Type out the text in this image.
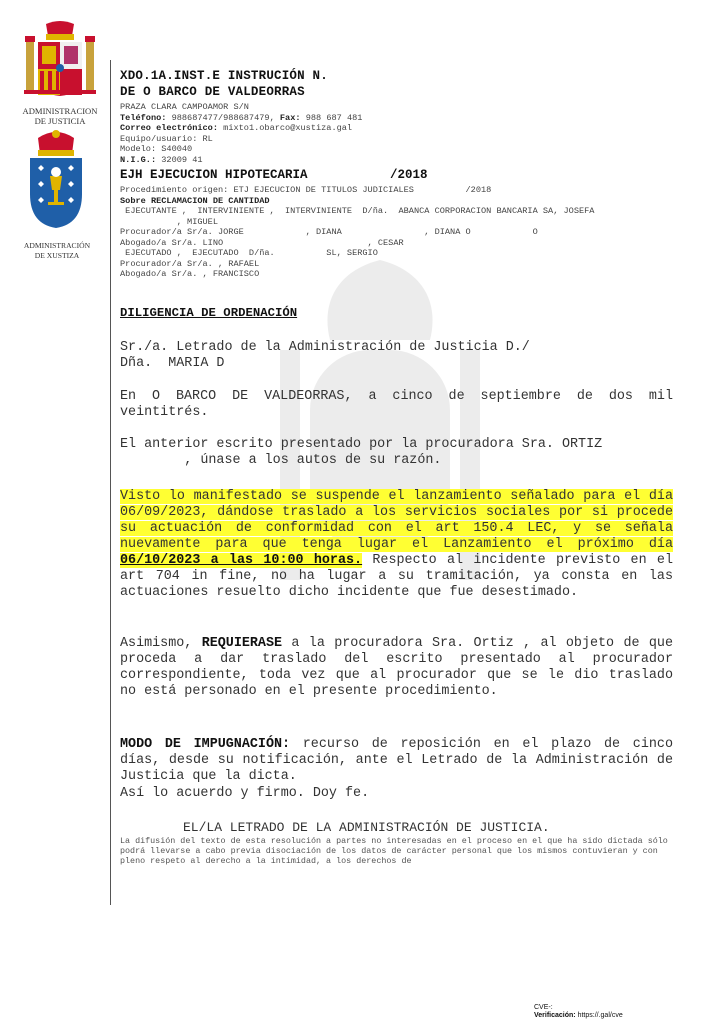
ADMINISTRACION
DE JUSTICIA
ADMINISTRACIÓN
DE XUSTIZA
XDO.1A.INST.E INSTRUCIÓN N.
DE O BARCO DE VALDEORRAS
PRAZA CLARA CAMPOAMOR S/N
Teléfono: 988687477/988687479, Fax: 988 687 481
Correo electrónico: mixto1.obarco@xustiza.gal
Equipo/usuario: RL
Modelo: S40040
N.I.G.: 32009 41
EJH EJECUCION HIPOTECARIA           /2018
Procedimiento origen: ETJ EJECUCION DE TITULOS JUDICIALES          /2018
Sobre RECLAMACION DE CANTIDAD
EJECUTANTE ,  INTERVINIENTE ,  INTERVINIENTE  D/ña.  ABANCA CORPORACION BANCARIA SA, JOSEFA
, MIGUEL
Procurador/a Sr/a. JORGE            , DIANA                , DIANA O            O
Abogado/a Sr/a. LINO                            , CESAR
EJECUTADO ,  EJECUTADO  D/ña.          SL, SERGIO
Procurador/a Sr/a. , RAFAEL
Abogado/a Sr/a. , FRANCISCO
DILIGENCIA DE ORDENACIÓN
Sr./a. Letrado de la Administración de Justicia D./
Dña.  MARIA D
En O BARCO DE VALDEORRAS, a cinco de septiembre de dos mil veintitrés.
El anterior escrito presentado por la procuradora Sra. ORTIZ
, únase a los autos de su razón.
Visto lo manifestado se suspende el lanzamiento señalado para el día 06/09/2023, dándose traslado a los servicios sociales por si procede su actuación de conformidad con el art 150.4 LEC, y se señala nuevamente para que tenga lugar el Lanzamiento el próximo día 06/10/2023 a las 10:00 horas. Respecto al incidente previsto en el art 704 in fine, no ha lugar a su tramitación, ya consta en las actuaciones resuelto dicho incidente que fue desestimado.
Asimismo, REQUIERASE a la procuradora Sra. Ortiz , al objeto de que proceda a dar traslado del escrito presentado al procurador correspondiente, toda vez que al procurador que se le dio traslado no está personado en el presente procedimiento.
MODO DE IMPUGNACIÓN: recurso de reposición en el plazo de cinco días, desde su notificación, ante el Letrado de la Administración de Justicia que la dicta.
Así lo acuerdo y firmo. Doy fe.
EL/LA LETRADO DE LA ADMINISTRACIÓN DE JUSTICIA.
La difusión del texto de esta resolución a partes no interesadas en el proceso en el que ha sido dictada sólo podrá llevarse a cabo previa disociación de los datos de carácter personal que los mismos contuvieran y con pleno respeto al derecho a la intimidad, a los derechos de
CVE-:
Verificación: https://.gal/cve
